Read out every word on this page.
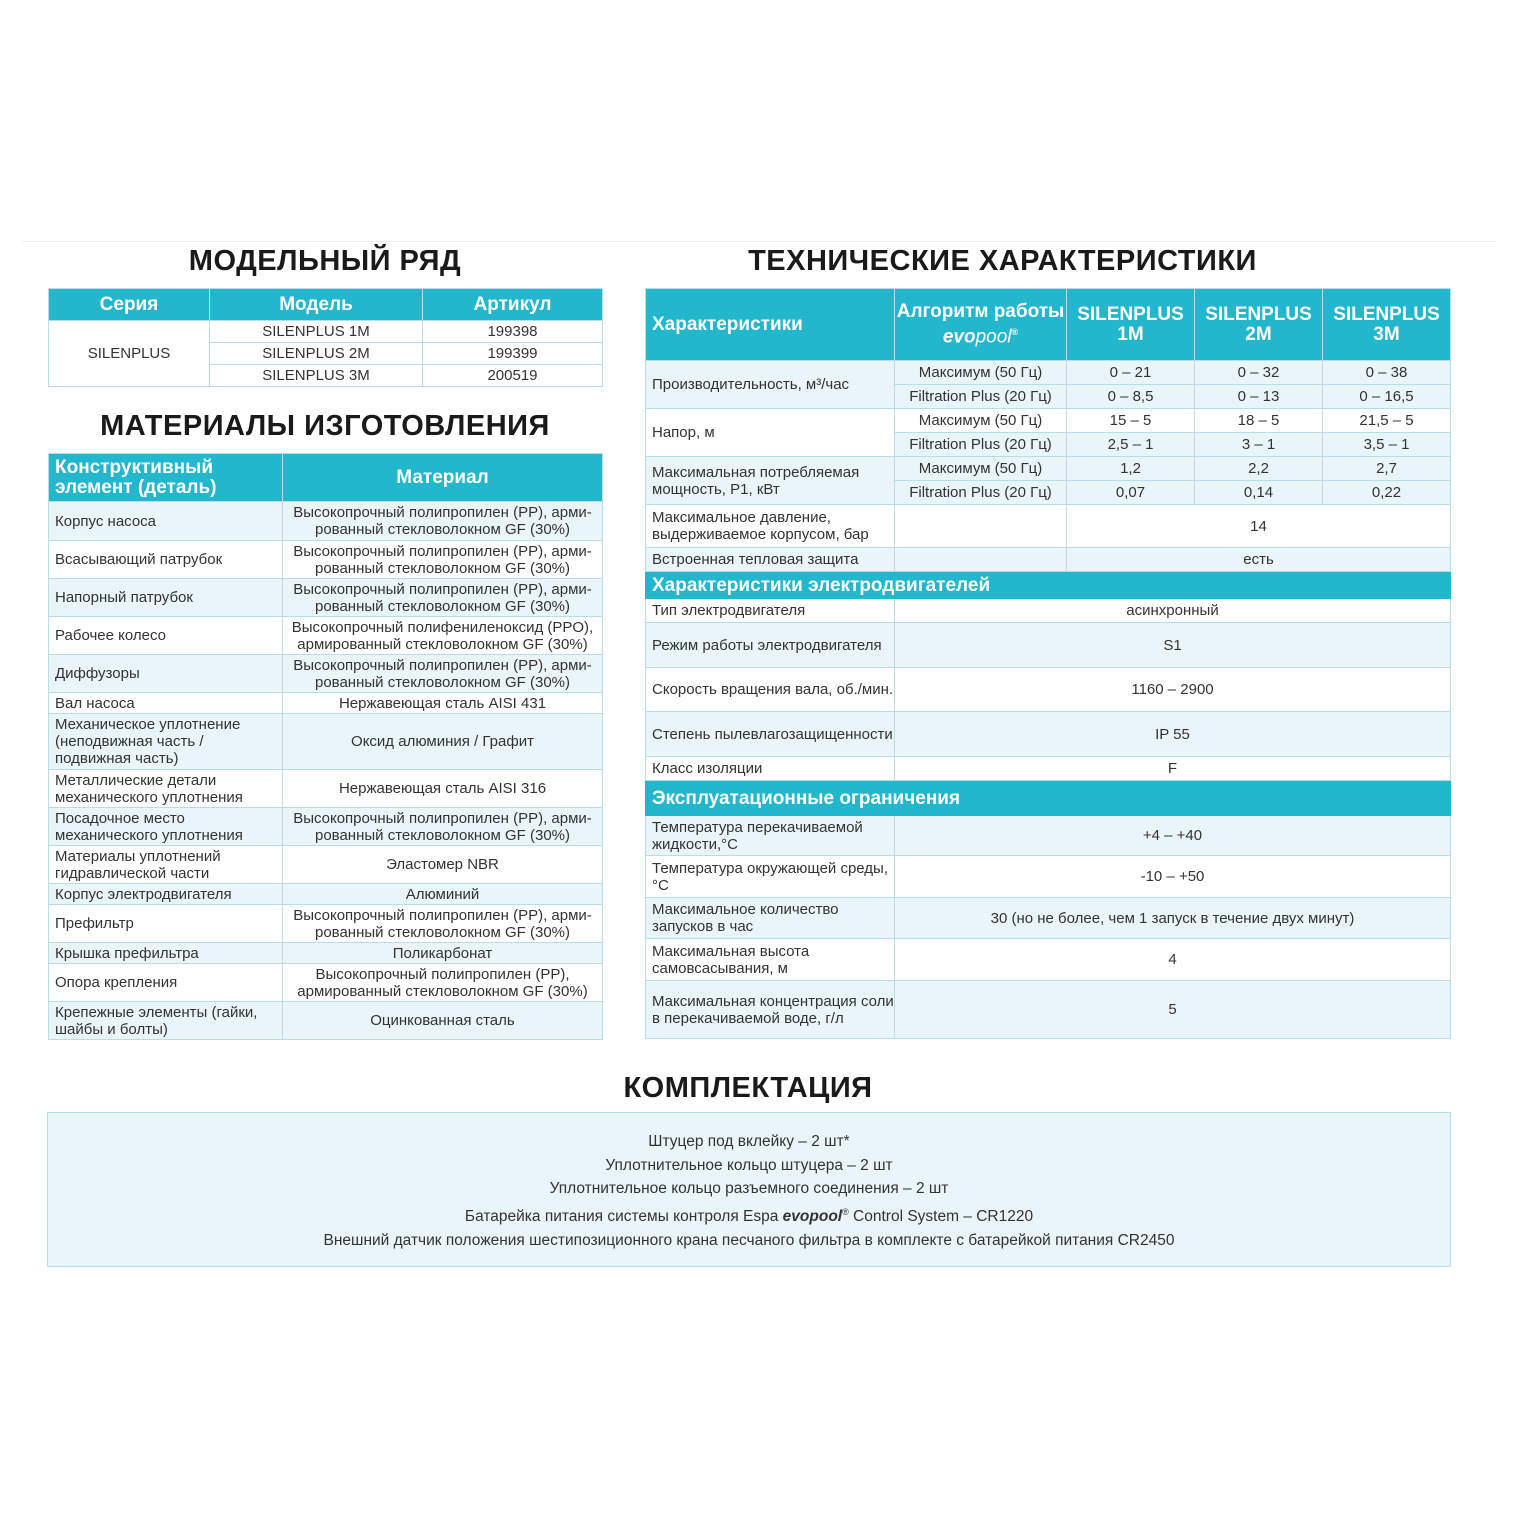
МОДЕЛЬНЫЙ РЯД	ТЕХНИЧЕСКИЕ ХАРАКТЕРИСТИКИ
МАТЕРИАЛЫ ИЗГОТОВЛЕНИЯ
КОМПЛЕКТАЦИЯ
Серия	Модель	Артикул
SILENPLUS	SILENPLUS 1M	199398
	SILENPLUS 2M	199399
	SILENPLUS 3M	200519
Конструктивный элемент (деталь)	Материал
Корпус насоса	Высокопрочный полипропилен (PP), арми-рованный стекловолокном GF (30%)
Всасывающий патрубок	Высокопрочный полипропилен (PP), арми-рованный стекловолокном GF (30%)
Напорный патрубок	Высокопрочный полипропилен (PP), арми-рованный стекловолокном GF (30%)
Рабочее колесо	Высокопрочный полифениленоксид (PPO), армированный стекловолокном GF (30%)
Диффузоры	Высокопрочный полипропилен (PP), арми-рованный стекловолокном GF (30%)
Вал насоса	Нержавеющая сталь AISI 431
Механическое уплотнение (неподвижная часть / подвижная часть)	Оксид алюминия / Графит
Металлические детали механического уплотнения	Нержавеющая сталь AISI 316
Посадочное место механического уплотнения	Высокопрочный полипропилен (PP), арми-рованный стекловолокном GF (30%)
Материалы уплотнений гидравлической части	Эластомер NBR
Корпус электродвигателя	Алюминий
Префильтр	Высокопрочный полипропилен (PP), арми-рованный стекловолокном GF (30%)
Крышка префильтра	Поликарбонат
Опора крепления	Высокопрочный полипропилен (PP), армированный стекловолокном GF (30%)
Крепежные элементы (гайки, шайбы и болты)	Оцинкованная сталь
Характеристики	Алгоритм работы evopool®	SILENPLUS 1M	SILENPLUS 2M	SILENPLUS 3M
Производительность, м³/час	Максимум (50 Гц)	0 – 21	0 – 32	0 – 38
	Filtration Plus (20 Гц)	0 – 8,5	0 – 13	0 – 16,5
Напор, м	Максимум (50 Гц)	15 – 5	18 – 5	21,5 – 5
	Filtration Plus (20 Гц)	2,5 – 1	3 – 1	3,5 – 1
Максимальная потребляемая мощность, P1, кВт	Максимум (50 Гц)	1,2	2,2	2,7
	Filtration Plus (20 Гц)	0,07	0,14	0,22
Максимальное давление, выдерживаемое корпусом, бар		14		
Встроенная тепловая защита		есть		
Характеристики электродвигателей				
Тип электродвигателя	асинхронный			
Режим работы электродвигателя	S1			
Скорость вращения вала, об./мин.	1160 – 2900			
Степень пылевлагозащищенности	IP 55			
Класс изоляции	F			
Эксплуатационные ограничения				
Температура перекачиваемой жидкости,°С	+4 – +40			
Температура окружающей среды,°С	-10 – +50			
Максимальное количество запусков в час	30 (но не более, чем 1 запуск в течение двух минут)			
Максимальная высота самовсасывания, м	4			
Максимальная концентрация соли в перекачиваемой воде, г/л	5			
Штуцер под вклейку – 2 шт*
Уплотнительное кольцо штуцера – 2 шт
Уплотнительное кольцо разъемного соединения – 2 шт
Батарейка питания системы контроля Espa evopool® Control System – CR1220
Внешний датчик положения шестипозиционного крана песчаного фильтра в комплекте с батарейкой питания CR2450
